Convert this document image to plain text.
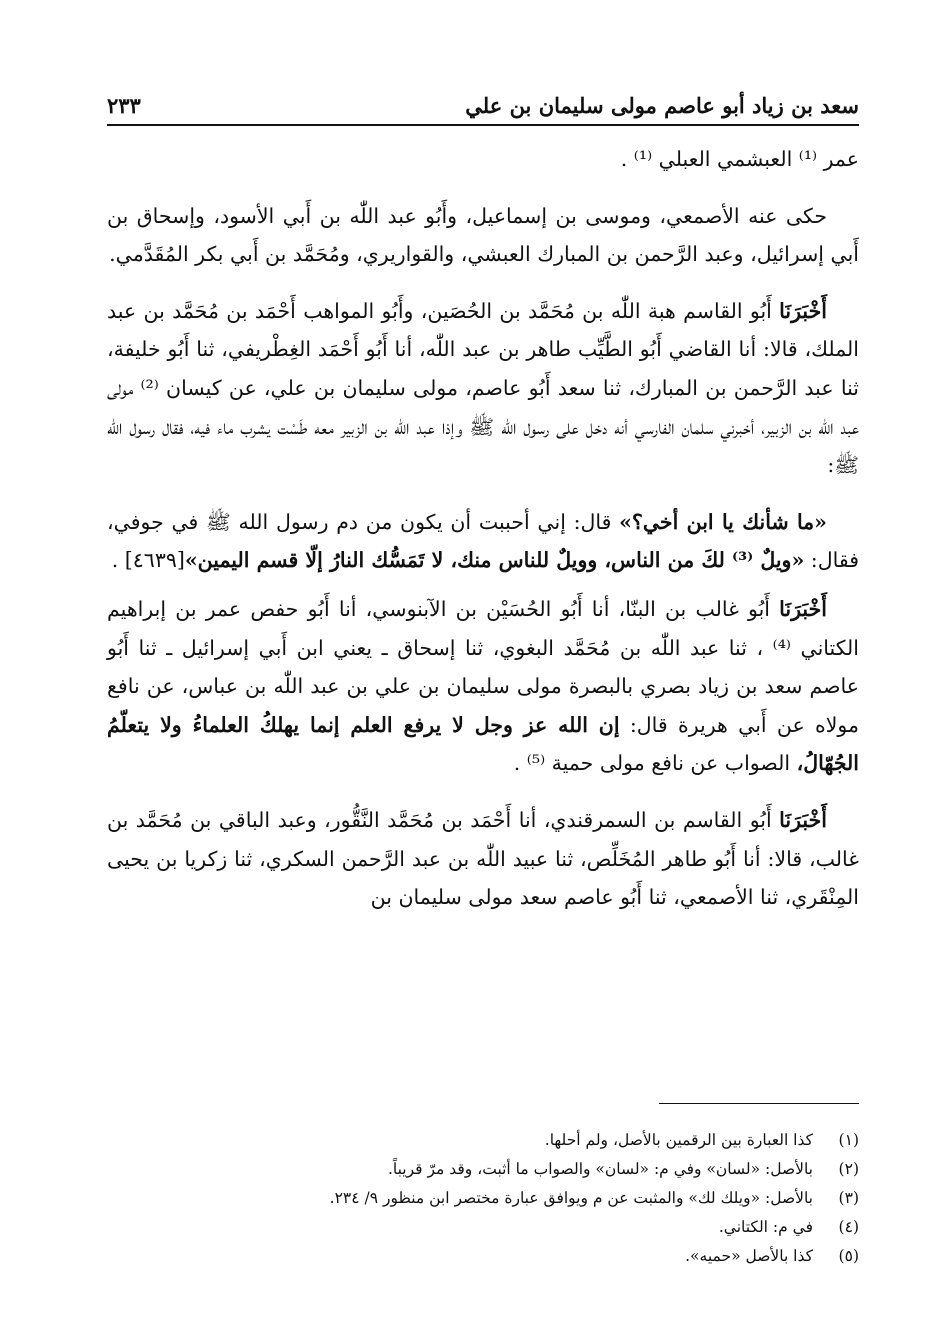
سعد بن زياد أبو عاصم مولى سليمان بن علي
٢٣٣

عمر ⁽¹⁾ العبشمي العبلي ⁽¹⁾ .

حكى عنه الأصمعي، وموسى بن إسماعيل، وأَبُو عبد اللّٰه بن أَبي الأسود، وإسحاق بن أَبي إسرائيل، وعبد الرَّحمن بن المبارك العبشي، والقواريري، ومُحَمَّد بن أَبي بكر المُقَدَّمي.

أَخْبَرَنَا أَبُو القاسم هبة اللّٰه بن مُحَمَّد بن الحُصَين، وأَبُو المواهب أَحْمَد بن مُحَمَّد بن عبد الملك، قالا: أنا القاضي أَبُو الطَّيِّب طاهر بن عبد اللّٰه، أنا أَبُو أَحْمَد الغِطْريفي، ثنا أَبُو خليفة، ثنا عبد الرَّحمن بن المبارك، ثنا سعد أَبُو عاصم، مولى سليمان بن علي، عن كيسان ⁽²⁾ مولى عبد اللّٰه بن الزبير، أخبرني سلمان الفارسي أنه دخل على رسول الله ﷺ وإذا عبد اللّٰه بن الزبير معه طَسْت يشرب ماء فيه، فقال رسول الله ﷺ:

«ما شأنك يا ابن أخي؟» قال: إني أحببت أن يكون من دم رسول الله ﷺ في جوفي، فقال: «ويلٌ ⁽³⁾ لكَ من الناس، وويلٌ للناس منك، لا تَمَسُّك النارُ إلّا قسم اليمين»[٤٦٣٩] .

أَخْبَرَنَا أَبُو غالب بن البنّا، أنا أَبُو الحُسَيْن بن الآبنوسي، أنا أَبُو حفص عمر بن إبراهيم الكتاني ⁽⁴⁾ ، ثنا عبد اللّٰه بن مُحَمَّد البغوي، ثنا إسحاق ـ يعني ابن أَبي إسرائيل ـ ثنا أَبُو عاصم سعد بن زياد بصري بالبصرة مولى سليمان بن علي بن عبد اللّٰه بن عباس، عن نافع مولاه عن أَبي هريرة قال: إن الله عز وجل لا يرفع العلم إنما يهلكُ العلماءُ ولا يتعلّمُ الجُهّالُ، الصواب عن نافع مولى حمية ⁽⁵⁾ .

أَخْبَرَنَا أَبُو القاسم بن السمرقندي، أنا أَحْمَد بن مُحَمَّد النَّقُّور، وعبد الباقي بن مُحَمَّد بن غالب، قالا: أنا أَبُو طاهر المُخَلِّص، ثنا عبيد اللّٰه بن عبد الرَّحمن السكري، ثنا زكريا بن يحيى المِنْقَري، ثنا الأصمعي، ثنا أَبُو عاصم سعد مولى سليمان بن

(١)
كذا العبارة بين الرقمين بالأصل، ولم أحلها.
(٢)
بالأصل: «لسان» وفي م: «لسان» والصواب ما أثبت، وقد مرّ قريباً.
(٣)
بالأصل: «ويلك لك» والمثبت عن م ويوافق عبارة مختصر ابن منظور ٩/ ٢٣٤.
(٤)
في م: الكتاني.
(٥)
كذا بالأصل «حميه».
